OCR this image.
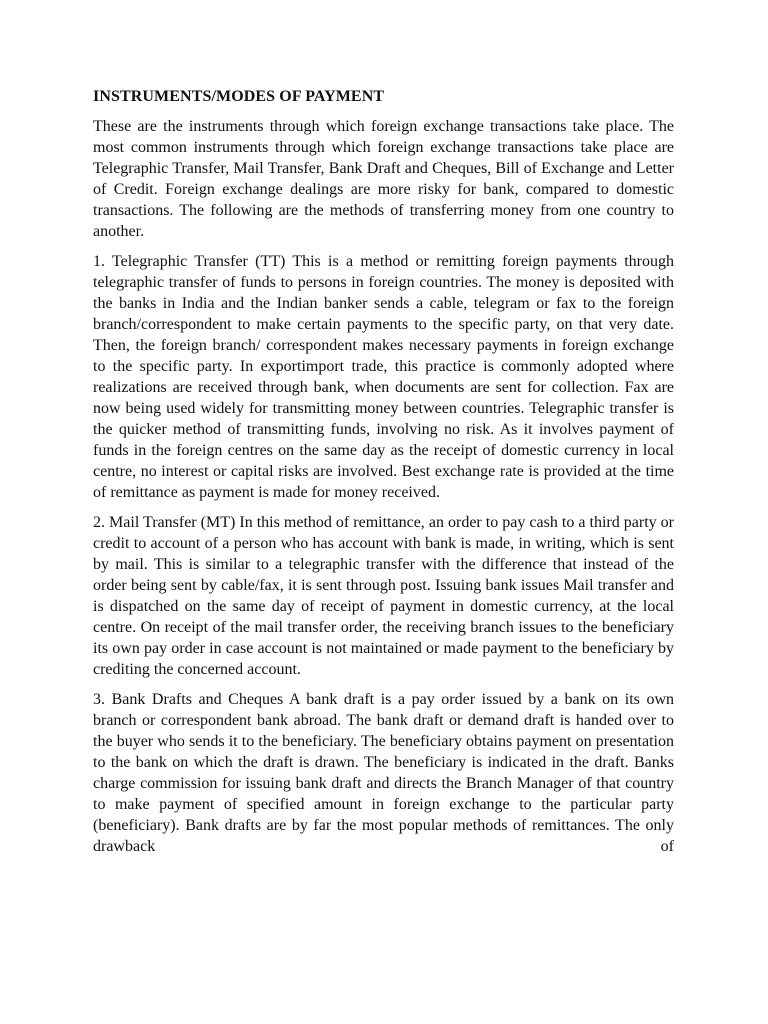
INSTRUMENTS/MODES OF PAYMENT

These are the instruments through which foreign exchange transactions take place. The most common instruments through which foreign exchange transactions take place are Telegraphic Transfer, Mail Transfer, Bank Draft and Cheques, Bill of Exchange and Letter of Credit. Foreign exchange dealings are more risky for bank, compared to domestic transactions. The following are the methods of transferring money from one country to another.

1. Telegraphic Transfer (TT) This is a method or remitting foreign payments through telegraphic transfer of funds to persons in foreign countries. The money is deposited with the banks in India and the Indian banker sends a cable, telegram or fax to the foreign branch/correspondent to make certain payments to the specific party, on that very date. Then, the foreign branch/ correspondent makes necessary payments in foreign exchange to the specific party. In exportimport trade, this practice is commonly adopted where realizations are received through bank, when documents are sent for collection. Fax are now being used widely for transmitting money between countries. Telegraphic transfer is the quicker method of transmitting funds, involving no risk. As it involves payment of funds in the foreign centres on the same day as the receipt of domestic currency in local centre, no interest or capital risks are involved. Best exchange rate is provided at the time of remittance as payment is made for money received.

2. Mail Transfer (MT) In this method of remittance, an order to pay cash to a third party or credit to account of a person who has account with bank is made, in writing, which is sent by mail. This is similar to a telegraphic transfer with the difference that instead of the order being sent by cable/fax, it is sent through post. Issuing bank issues Mail transfer and is dispatched on the same day of receipt of payment in domestic currency, at the local centre. On receipt of the mail transfer order, the receiving branch issues to the beneficiary its own pay order in case account is not maintained or made payment to the beneficiary by crediting the concerned account.

3. Bank Drafts and Cheques A bank draft is a pay order issued by a bank on its own branch or correspondent bank abroad. The bank draft or demand draft is handed over to the buyer who sends it to the beneficiary. The beneficiary obtains payment on presentation to the bank on which the draft is drawn. The beneficiary is indicated in the draft. Banks charge commission for issuing bank draft and directs the Branch Manager of that country to make payment of specified amount in foreign exchange to the particular party (beneficiary). Bank drafts are by far the most popular methods of remittances. The only drawback of
